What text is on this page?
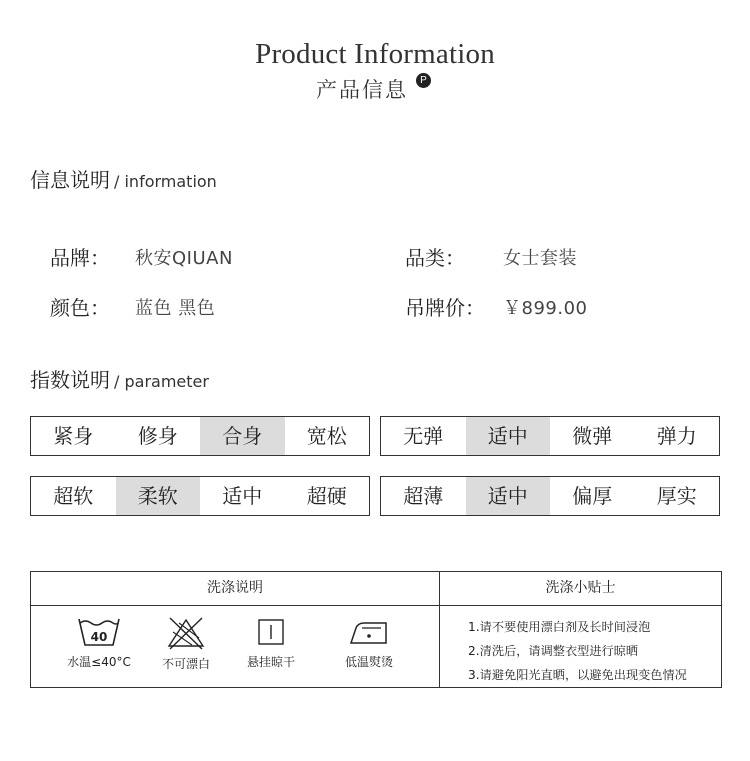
Product Information
产品信息	P
信息说明 / information
品牌： 秋安QIUAN	品类： 女士套装
颜色： 蓝色 黑色	吊牌价： ￥899.00
指数说明 / parameter
紧身	修身	合身	宽松	无弹	适中	微弹	弹力
超软	柔软	适中	超硬	超薄	适中	偏厚	厚实
洗涤说明	洗涤小贴士
40
水温≤40°C	不可漂白	悬挂晾干	低温熨烫
1.请不要使用漂白剂及长时间浸泡
2.清洗后，请调整衣型进行晾晒
3.请避免阳光直晒，以避免出现变色情况
